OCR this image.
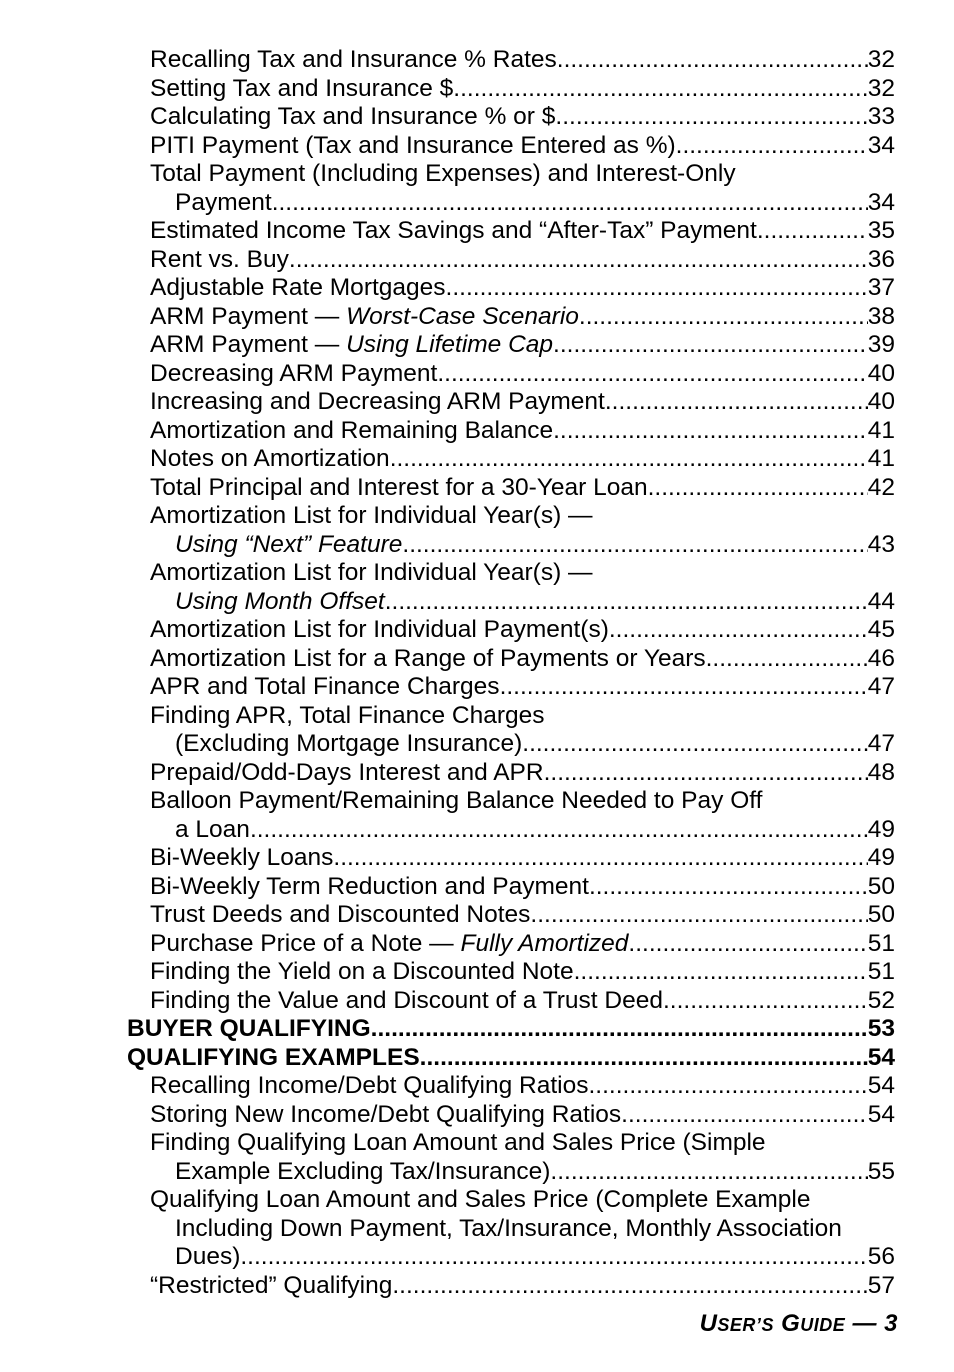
Recalling Tax and Insurance % Rates .....	32
Setting Tax and Insurance $ .....	32
Calculating Tax and Insurance % or $ .....	33
PITI Payment (Tax and Insurance Entered as %) .....	34
Total Payment (Including Expenses) and Interest-Only
Payment .....	34
Estimated Income Tax Savings and “After-Tax” Payment .....	35
Rent vs. Buy .....	36
Adjustable Rate Mortgages .....	37
ARM Payment — Worst-Case Scenario .....	38
ARM Payment — Using Lifetime Cap .....	39
Decreasing ARM Payment .....	40
Increasing and Decreasing ARM Payment .....	40
Amortization and Remaining Balance .....	41
Notes on Amortization .....	41
Total Principal and Interest for a 30-Year Loan .....	42
Amortization List for Individual Year(s) —
Using “Next” Feature .....	43
Amortization List for Individual Year(s) —
Using Month Offset .....	44
Amortization List for Individual Payment(s) .....	45
Amortization List for a Range of Payments or Years .....	46
APR and Total Finance Charges .....	47
Finding APR, Total Finance Charges
(Excluding Mortgage Insurance) .....	47
Prepaid/Odd-Days Interest and APR .....	48
Balloon Payment/Remaining Balance Needed to Pay Off
a Loan .....	49
Bi-Weekly Loans .....	49
Bi-Weekly Term Reduction and Payment .....	50
Trust Deeds and Discounted Notes .....	50
Purchase Price of a Note — Fully Amortized .....	51
Finding the Yield on a Discounted Note .....	51
Finding the Value and Discount of a Trust Deed .....	52
BUYER QUALIFYING .....	53
QUALIFYING EXAMPLES .....	54
Recalling Income/Debt Qualifying Ratios .....	54
Storing New Income/Debt Qualifying Ratios .....	54
Finding Qualifying Loan Amount and Sales Price (Simple
Example Excluding Tax/Insurance) .....	55
Qualifying Loan Amount and Sales Price (Complete Example
Including Down Payment, Tax/Insurance, Monthly Association
Dues) .....	56
“Restricted” Qualifying .....	57
USER’S GUIDE — 3
